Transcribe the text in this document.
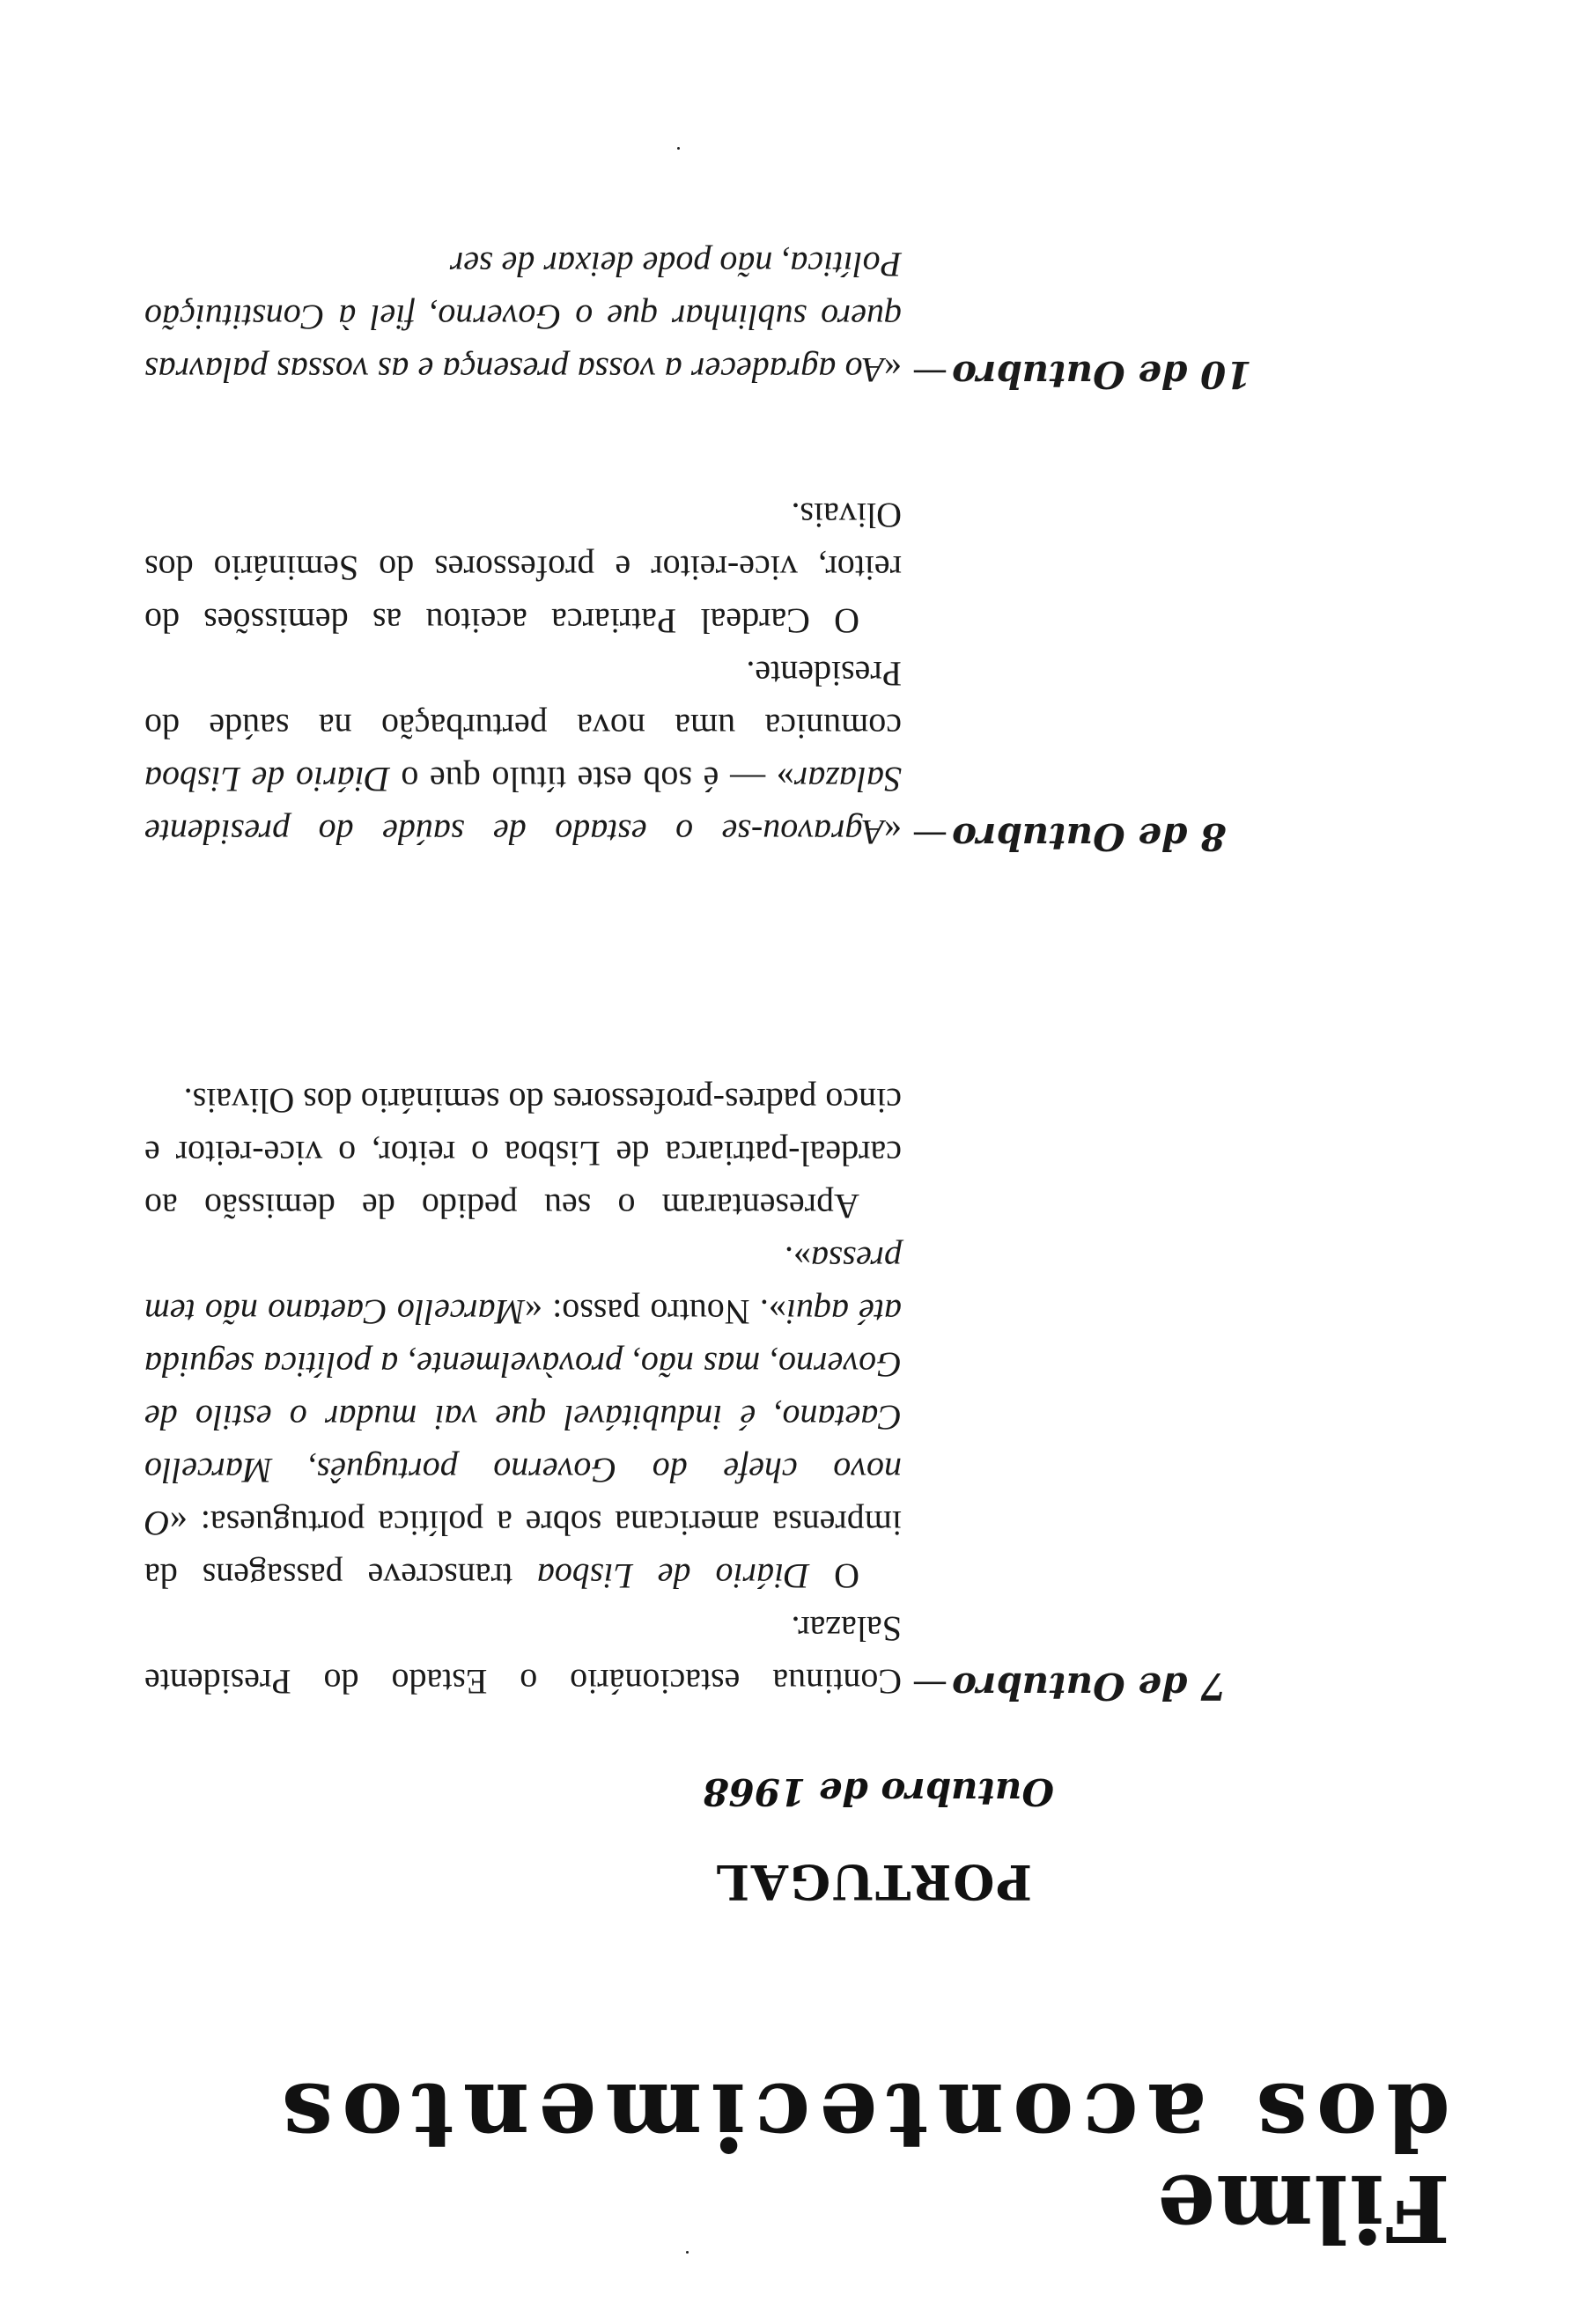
Filme
dos acontecimentos
PORTUGAL
Outubro de 1968
7 de Outubro —

Continua estacionário o Estado do Presidente Salazar.

O Diário de Lisboa transcreve passagens da imprensa americana sobre a política portuguesa: «O novo chefe do Governo português, Marcello Caetano, é indubitável que vai mudar o estilo de Governo, mas não, provàvelmente, a política seguida até aqui». Noutro passo: «Marcello Caetano não tem pressa».

Apresentaram o seu pedido de demissão ao cardeal-patriarca de Lisboa o reitor, o vice-reitor e cinco padres-professores do seminário dos Olivais.

8 de Outubro —

«Agravou-se o estado de saúde do presidente Salazar» — é sob este título que o Diário de Lisboa comunica uma nova perturbação na saúde do Presidente.

O Cardeal Patriarca aceitou as demissões do reitor, vice-reitor e professores do Seminário dos Olivais.

10 de Outubro —

«Ao agradecer a vossa presença e as vossas palavras quero sublinhar que o Governo, fiel à Constituição Política, não pode deixar de ser
